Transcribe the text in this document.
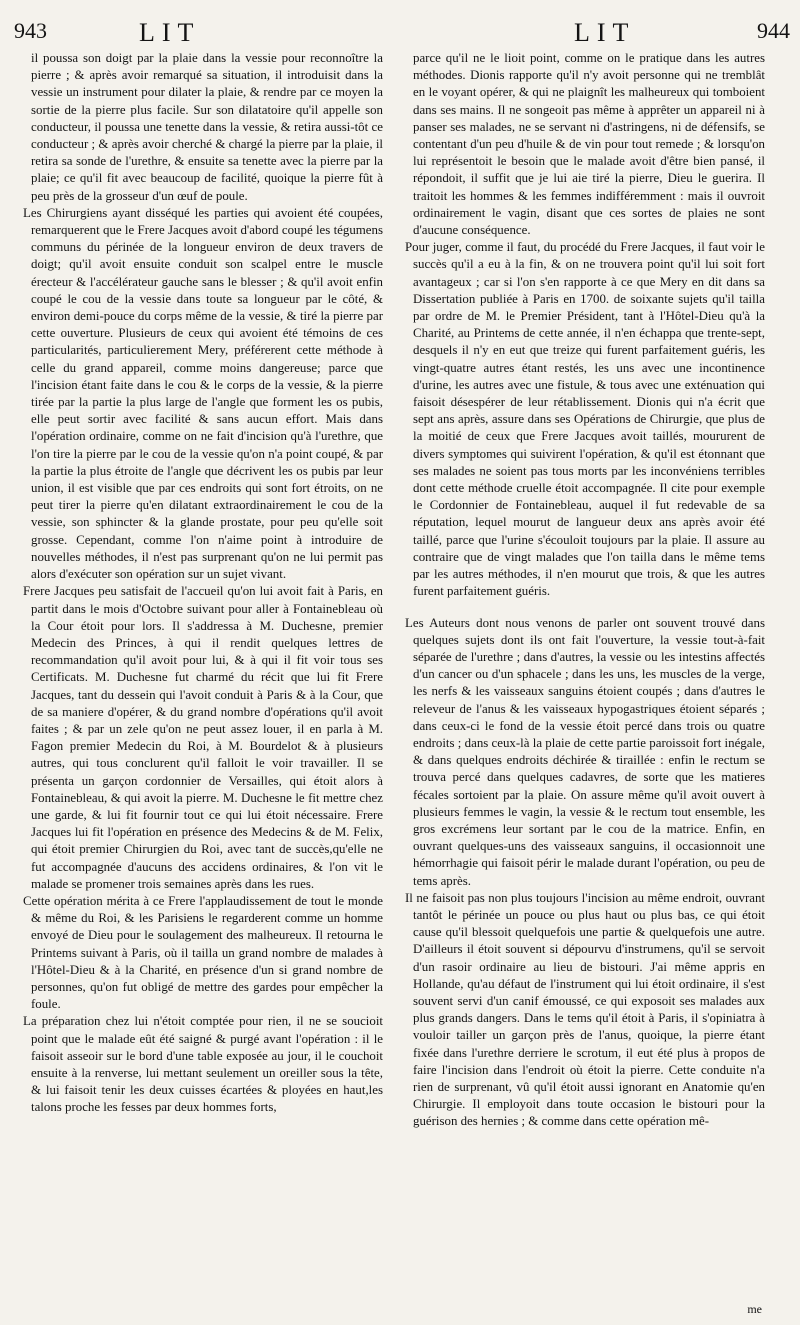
943	LIT	LIT	944

il poussa son doigt par la plaie dans la vessie pour reconnoître la pierre ; & après avoir remarqué sa situation, il introduisit dans la vessie un instrument pour dilater la plaie, & rendre par ce moyen la sortie de la pierre plus facile. Sur son dilatatoire qu'il appelle son conducteur, il poussa une tenette dans la vessie, & retira aussi-tôt ce conducteur ; & après avoir cherché & chargé la pierre par la plaie, il retira sa sonde de l'urethre, & ensuite sa tenette avec la pierre par la plaie; ce qu'il fit avec beaucoup de facilité, quoique la pierre fût à peu près de la grosseur d'un œuf de poule.

Les Chirurgiens ayant disséqué les parties qui avoient été coupées, remarquerent que le Frere Jacques avoit d'abord coupé les tégumens communs du périnée de la longueur environ de deux travers de doigt; qu'il avoit ensuite conduit son scalpel entre le muscle érecteur & l'accélérateur gauche sans le blesser ; & qu'il avoit enfin coupé le cou de la vessie dans toute sa longueur par le côté, & environ demi-pouce du corps même de la vessie, & tiré la pierre par cette ouverture. Plusieurs de ceux qui avoient été témoins de ces particularités, particulierement Mery, préférerent cette méthode à celle du grand appareil, comme moins dangereuse; parce que l'incision étant faite dans le cou & le corps de la vessie, & la pierre tirée par la partie la plus large de l'angle que forment les os pubis, elle peut sortir avec facilité & sans aucun effort. Mais dans l'opération ordinaire, comme on ne fait d'incision qu'à l'urethre, que l'on tire la pierre par le cou de la vessie qu'on n'a point coupé, & par la partie la plus étroite de l'angle que décrivent les os pubis par leur union, il est visible que par ces endroits qui sont fort étroits, on ne peut tirer la pierre qu'en dilatant extraordinairement le cou de la vessie, son sphincter & la glande prostate, pour peu qu'elle soit grosse. Cependant, comme l'on n'aime point à introduire de nouvelles méthodes, il n'est pas surprenant qu'on ne lui permit pas alors d'exécuter son opération sur un sujet vivant.

Frere Jacques peu satisfait de l'accueil qu'on lui avoit fait à Paris, en partit dans le mois d'Octobre suivant pour aller à Fontainebleau où la Cour étoit pour lors. Il s'addressa à M. Duchesne, premier Medecin des Princes, à qui il rendit quelques lettres de recommandation qu'il avoit pour lui, & à qui il fit voir tous ses Certificats. M. Duchesne fut charmé du récit que lui fit Frere Jacques, tant du dessein qui l'avoit conduit à Paris & à la Cour, que de sa maniere d'opérer, & du grand nombre d'opérations qu'il avoit faites ; & par un zele qu'on ne peut assez louer, il en parla à M. Fagon premier Medecin du Roi, à M. Bourdelot & à plusieurs autres, qui tous conclurent qu'il falloit le voir travailler. Il se présenta un garçon cordonnier de Versailles, qui étoit alors à Fontainebleau, & qui avoit la pierre. M. Duchesne le fit mettre chez une garde, & lui fit fournir tout ce qui lui étoit nécessaire. Frere Jacques lui fit l'opération en présence des Medecins & de M. Felix, qui étoit premier Chirurgien du Roi, avec tant de succès,qu'elle ne fut accompagnée d'aucuns des accidens ordinaires, & l'on vit le malade se promener trois semaines après dans les rues.

Cette opération mérita à ce Frere l'applaudissement de tout le monde & même du Roi, & les Parisiens le regarderent comme un homme envoyé de Dieu pour le soulagement des malheureux. Il retourna le Printems suivant à Paris, où il tailla un grand nombre de malades à l'Hôtel-Dieu & à la Charité, en présence d'un si grand nombre de personnes, qu'on fut obligé de mettre des gardes pour empêcher la foule.

La préparation chez lui n'étoit comptée pour rien, il ne se soucioit point que le malade eût été saigné & purgé avant l'opération : il le faisoit asseoir sur le bord d'une table exposée au jour, il le couchoit ensuite à la renverse, lui mettant seulement un oreiller sous la tête, & lui faisoit tenir les deux cuisses écartées & ployées en haut,les talons proche les fesses par deux hommes forts,

parce qu'il ne le lioit point, comme on le pratique dans les autres méthodes. Dionis rapporte qu'il n'y avoit personne qui ne tremblât en le voyant opérer, & qui ne plaignît les malheureux qui tomboient dans ses mains. Il ne songeoit pas même à apprêter un appareil ni à panser ses malades, ne se servant ni d'astringens, ni de défensifs, se contentant d'un peu d'huile & de vin pour tout remede ; & lorsqu'on lui représentoit le besoin que le malade avoit d'être bien pansé, il répondoit, il suffit que je lui aie tiré la pierre, Dieu le guerira. Il traitoit les hommes & les femmes indifféremment : mais il ouvroit ordinairement le vagin, disant que ces sortes de plaies ne sont d'aucune conséquence.

Pour juger, comme il faut, du procédé du Frere Jacques, il faut voir le succès qu'il a eu à la fin, & on ne trouvera point qu'il lui soit fort avantageux ; car si l'on s'en rapporte à ce que Mery en dit dans sa Dissertation publiée à Paris en 1700. de soixante sujets qu'il tailla par ordre de M. le Premier Président, tant à l'Hôtel-Dieu qu'à la Charité, au Printems de cette année, il n'en échappa que trente-sept, desquels il n'y en eut que treize qui furent parfaitement guéris, les vingt-quatre autres étant restés, les uns avec une incontinence d'urine, les autres avec une fistule, & tous avec une exténuation qui faisoit désespérer de leur rétablissement. Dionis qui n'a écrit que sept ans après, assure dans ses Opérations de Chirurgie, que plus de la moitié de ceux que Frere Jacques avoit taillés, moururent de divers symptomes qui suivirent l'opération, & qu'il est étonnant que ses malades ne soient pas tous morts par les inconvéniens terribles dont cette méthode cruelle étoit accompagnée. Il cite pour exemple le Cordonnier de Fontainebleau, auquel il fut redevable de sa réputation, lequel mourut de langueur deux ans après avoir été taillé, parce que l'urine s'écouloit toujours par la plaie. Il assure au contraire que de vingt malades que l'on tailla dans le même tems par les autres méthodes, il n'en mourut que trois, & que les autres furent parfaitement guéris.

Les Auteurs dont nous venons de parler ont souvent trouvé dans quelques sujets dont ils ont fait l'ouverture, la vessie tout-à-fait séparée de l'urethre ; dans d'autres, la vessie ou les intestins affectés d'un cancer ou d'un sphacele ; dans les uns, les muscles de la verge, les nerfs & les vaisseaux sanguins étoient coupés ; dans d'autres le releveur de l'anus & les vaisseaux hypogastriques étoient séparés ; dans ceux-ci le fond de la vessie étoit percé dans trois ou quatre endroits ; dans ceux-là la plaie de cette partie paroissoit fort inégale, & dans quelques endroits déchirée & tiraillée : enfin le rectum se trouva percé dans quelques cadavres, de sorte que les matieres fécales sortoient par la plaie. On assure même qu'il avoit ouvert à plusieurs femmes le vagin, la vessie & le rectum tout ensemble, les gros excrémens leur sortant par le cou de la matrice. Enfin, en ouvrant quelques-uns des vaisseaux sanguins, il occasionnoit une hémorrhagie qui faisoit périr le malade durant l'opération, ou peu de tems après.

Il ne faisoit pas non plus toujours l'incision au même endroit, ouvrant tantôt le périnée un pouce ou plus haut ou plus bas, ce qui étoit cause qu'il blessoit quelquefois une partie & quelquefois une autre. D'ailleurs il étoit souvent si dépourvu d'instrumens, qu'il se servoit d'un rasoir ordinaire au lieu de bistouri. J'ai même appris en Hollande, qu'au défaut de l'instrument qui lui étoit ordinaire, il s'est souvent servi d'un canif émoussé, ce qui exposoit ses malades aux plus grands dangers. Dans le tems qu'il étoit à Paris, il s'opiniatra à vouloir tailler un garçon près de l'anus, quoique, la pierre étant fixée dans l'urethre derriere le scrotum, il eut été plus à propos de faire l'incision dans l'endroit où étoit la pierre. Cette conduite n'a rien de surprenant, vû qu'il étoit aussi ignorant en Anatomie qu'en Chirurgie. Il employoit dans toute occasion le bistouri pour la guérison des hernies ; & comme dans cette opération mê-

me
